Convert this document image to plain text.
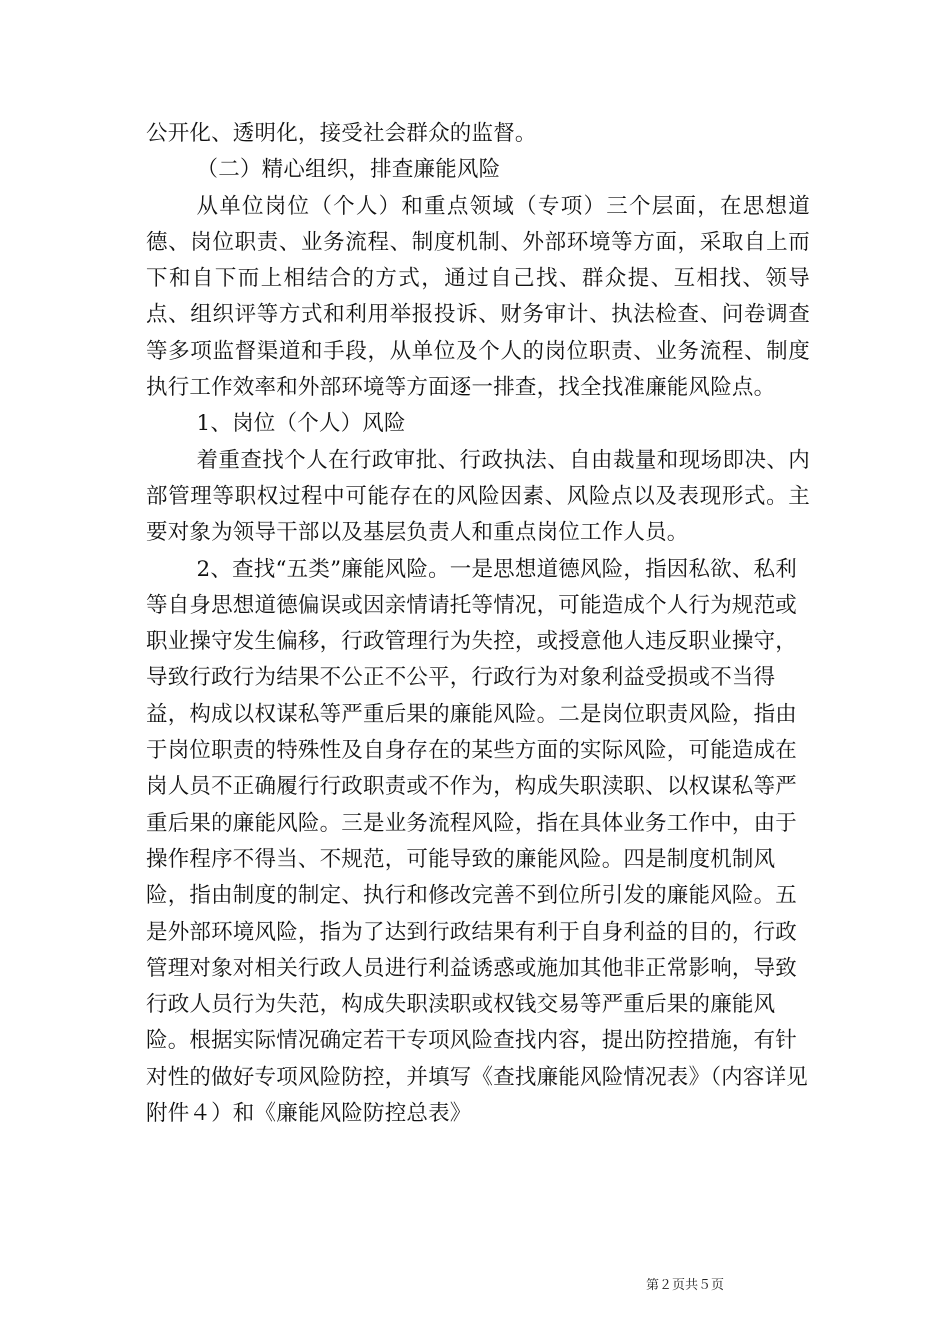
公开化、透明化，接受社会群众的监督。

（二）精心组织，排查廉能风险

从单位岗位（个人）和重点领域（专项）三个层面，在思想道德、岗位职责、业务流程、制度机制、外部环境等方面，采取自上而下和自下而上相结合的方式，通过自己找、群众提、互相找、领导点、组织评等方式和利用举报投诉、财务审计、执法检查、问卷调查等多项监督渠道和手段，从单位及个人的岗位职责、业务流程、制度执行工作效率和外部环境等方面逐一排查，找全找准廉能风险点。

1、岗位（个人）风险

着重查找个人在行政审批、行政执法、自由裁量和现场即决、内部管理等职权过程中可能存在的风险因素、风险点以及表现形式。主要对象为领导干部以及基层负责人和重点岗位工作人员。

2、查找“五类”廉能风险。一是思想道德风险，指因私欲、私利等自身思想道德偏误或因亲情请托等情况，可能造成个人行为规范或职业操守发生偏移，行政管理行为失控，或授意他人违反职业操守，导致行政行为结果不公正不公平，行政行为对象利益受损或不当得益，构成以权谋私等严重后果的廉能风险。二是岗位职责风险，指由于岗位职责的特殊性及自身存在的某些方面的实际风险，可能造成在岗人员不正确履行行政职责或不作为，构成失职渎职、以权谋私等严重后果的廉能风险。三是业务流程风险，指在具体业务工作中，由于操作程序不得当、不规范，可能导致的廉能风险。四是制度机制风险，指由制度的制定、执行和修改完善不到位所引发的廉能风险。五是外部环境风险，指为了达到行政结果有利于自身利益的目的，行政管理对象对相关行政人员进行利益诱惑或施加其他非正常影响，导致行政人员行为失范，构成失职渎职或权钱交易等严重后果的廉能风险。根据实际情况确定若干专项风险查找内容，提出防控措施，有针对性的做好专项风险防控，并填写《查找廉能风险情况表》（内容详见附件４）和《廉能风险防控总表》

第２页共５页
